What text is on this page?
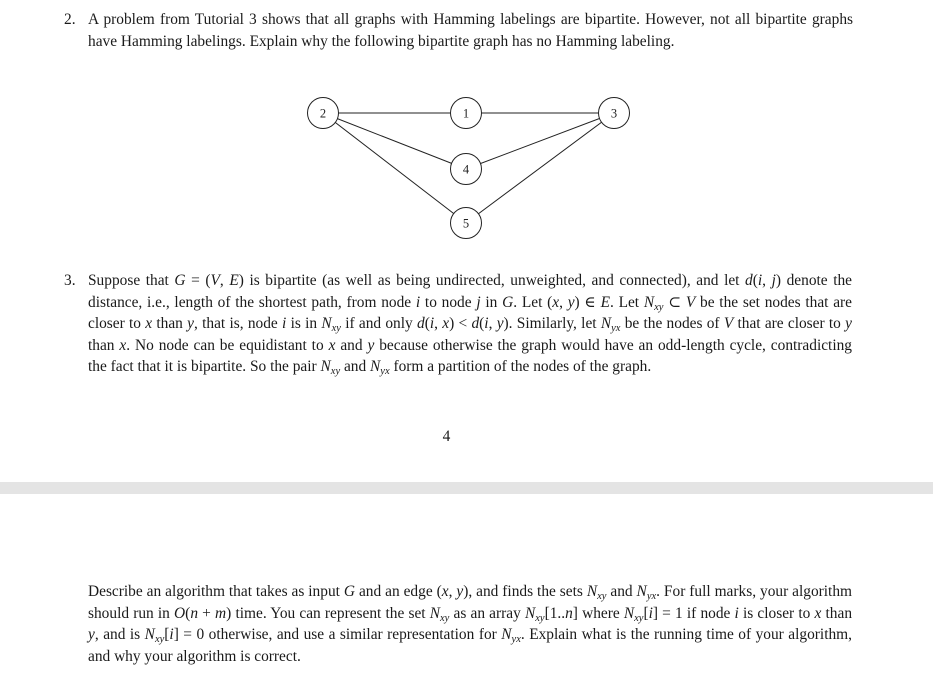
2. A problem from Tutorial 3 shows that all graphs with Hamming labelings are bipartite. However, not all bipartite graphs have Hamming labelings. Explain why the following bipartite graph has no Hamming labeling.
2	1	3
4
5
3. Suppose that G = (V, E) is bipartite (as well as being undirected, unweighted, and connected), and let d(i, j) denote the distance, i.e., length of the shortest path, from node i to node j in G. Let (x, y) ∈ E. Let $N_{xy}$ ⊂ V be the set nodes that are closer to x than y, that is, node i is in $N_{xy}$ if and only d(i, x) < d(i, y). Similarly, let $N_{yx}$ be the nodes of V that are closer to y than x. No node can be equidistant to x and y because otherwise the graph would have an odd-length cycle, contradicting the fact that it is bipartite. So the pair $N_{xy}$ and $N_{yx}$ form a partition of the nodes of the graph.
4
Describe an algorithm that takes as input G and an edge (x, y), and finds the sets $N_{xy}$ and $N_{yx}$. For full marks, your algorithm should run in O(n + m) time. You can represent the set $N_{xy}$ as an array $N_{xy}[1..n]$ where $N_{xy}[i] = 1$ if node i is closer to x than y, and is $N_{xy}[i] = 0$ otherwise, and use a similar representation for $N_{yx}$. Explain what is the running time of your algorithm, and why your algorithm is correct.
